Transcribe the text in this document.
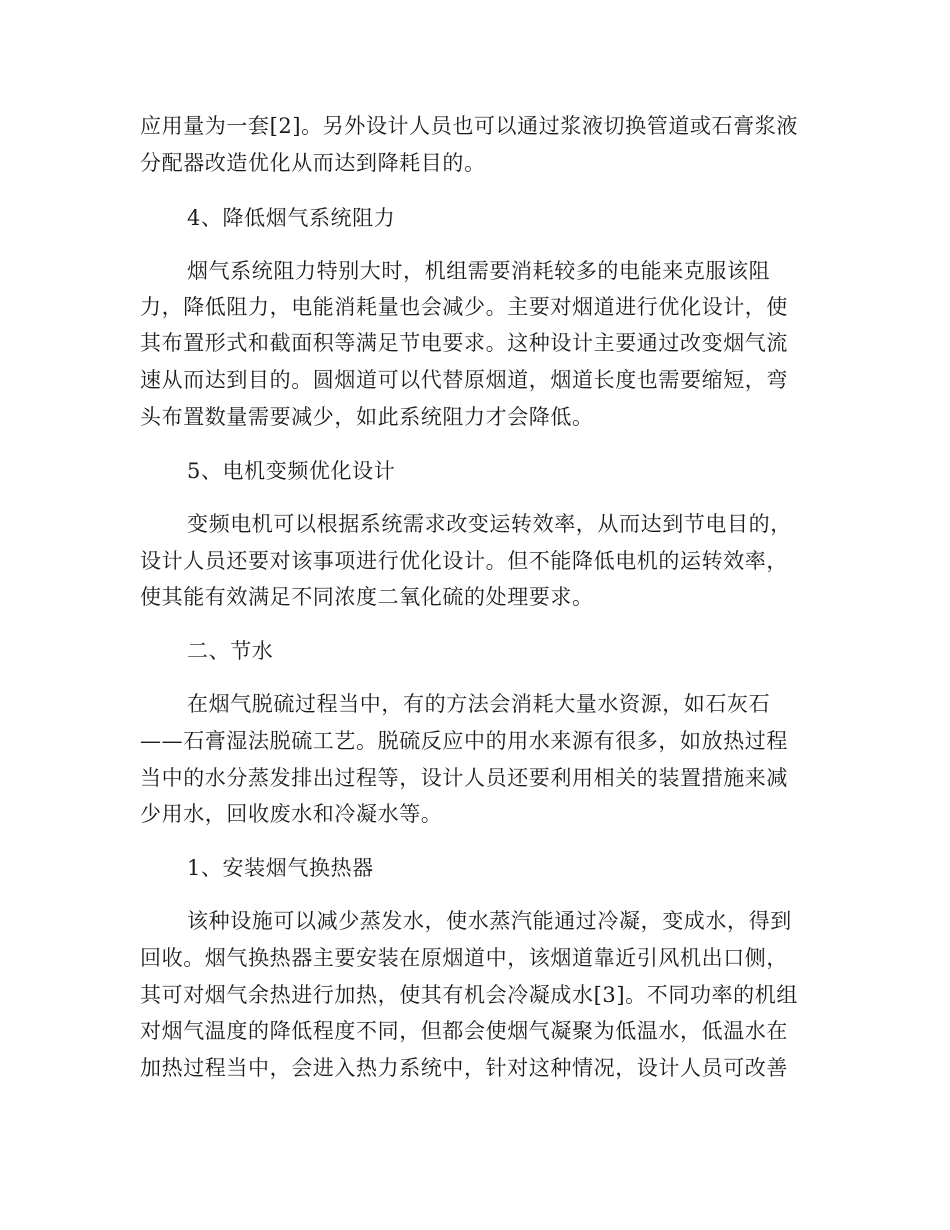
应用量为一套[2]。另外设计人员也可以通过浆液切换管道或石膏浆液
分配器改造优化从而达到降耗目的。
4、降低烟气系统阻力
烟气系统阻力特别大时，机组需要消耗较多的电能来克服该阻
力，降低阻力，电能消耗量也会减少。主要对烟道进行优化设计，使
其布置形式和截面积等满足节电要求。这种设计主要通过改变烟气流
速从而达到目的。圆烟道可以代替原烟道，烟道长度也需要缩短，弯
头布置数量需要减少，如此系统阻力才会降低。
5、电机变频优化设计
变频电机可以根据系统需求改变运转效率，从而达到节电目的，
设计人员还要对该事项进行优化设计。但不能降低电机的运转效率，
使其能有效满足不同浓度二氧化硫的处理要求。
二、节水
在烟气脱硫过程当中，有的方法会消耗大量水资源，如石灰石
——石膏湿法脱硫工艺。脱硫反应中的用水来源有很多，如放热过程
当中的水分蒸发排出过程等，设计人员还要利用相关的装置措施来减
少用水，回收废水和冷凝水等。
1、安装烟气换热器
该种设施可以减少蒸发水，使水蒸汽能通过冷凝，变成水，得到
回收。烟气换热器主要安装在原烟道中，该烟道靠近引风机出口侧，
其可对烟气余热进行加热，使其有机会冷凝成水[3]。不同功率的机组
对烟气温度的降低程度不同，但都会使烟气凝聚为低温水，低温水在
加热过程当中，会进入热力系统中，针对这种情况，设计人员可改善
